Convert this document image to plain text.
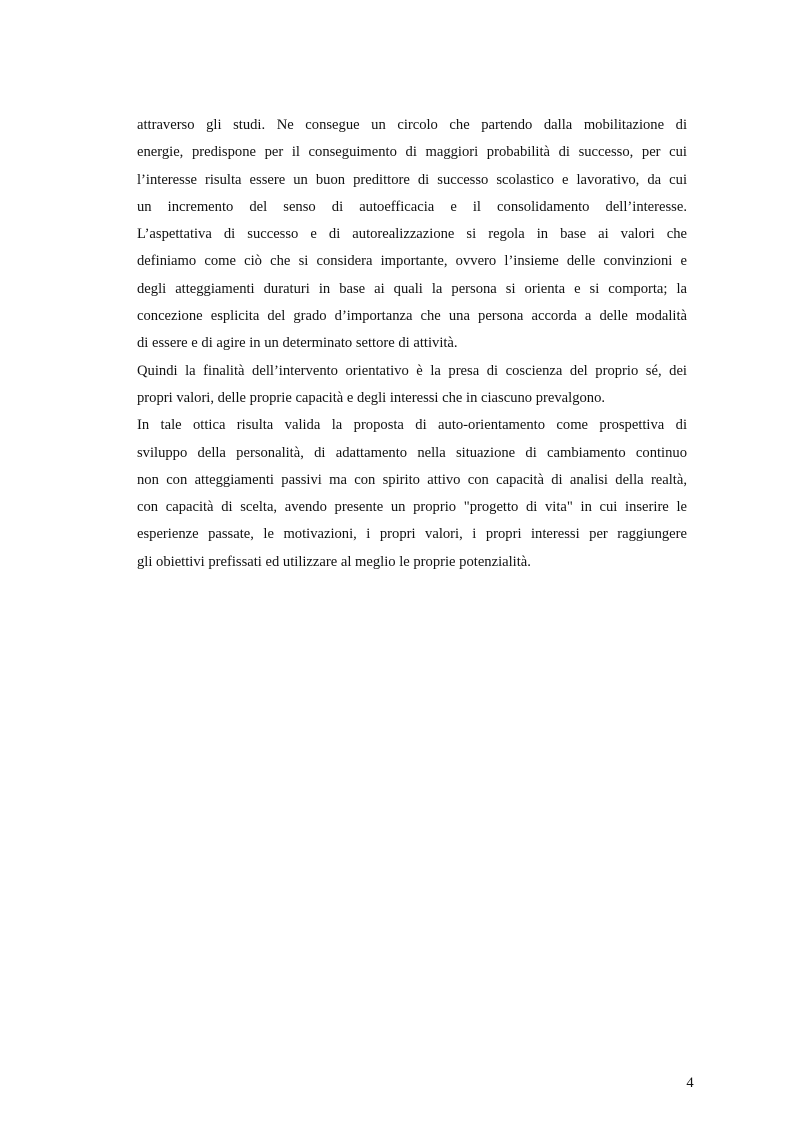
attraverso gli studi. Ne consegue un circolo che partendo dalla mobilitazione di
energie, predispone per il conseguimento di maggiori probabilità di successo, per cui
l’interesse risulta essere un buon predittore di successo scolastico e lavorativo, da cui
un incremento del senso di autoefficacia e il consolidamento dell’interesse.
L’aspettativa di successo e di autorealizzazione si regola in base ai valori che
definiamo come ciò che si considera importante, ovvero l’insieme delle convinzioni e
degli atteggiamenti duraturi in base ai quali la persona si orienta e si comporta; la
concezione esplicita del grado d’importanza che una persona accorda a delle modalità
di essere e di agire in un determinato settore di attività.
Quindi la finalità dell’intervento orientativo è la presa di coscienza del proprio sé, dei
propri valori, delle proprie capacità e degli interessi che in ciascuno prevalgono.
In tale ottica risulta valida la proposta di auto-orientamento come prospettiva di
sviluppo della personalità, di adattamento nella situazione di cambiamento continuo
non con atteggiamenti passivi ma con spirito attivo con capacità di analisi della realtà,
con capacità di scelta, avendo presente un proprio "progetto di vita" in cui inserire le
esperienze passate, le motivazioni, i propri valori, i propri interessi per raggiungere
gli obiettivi prefissati ed utilizzare al meglio le proprie potenzialità.
4
